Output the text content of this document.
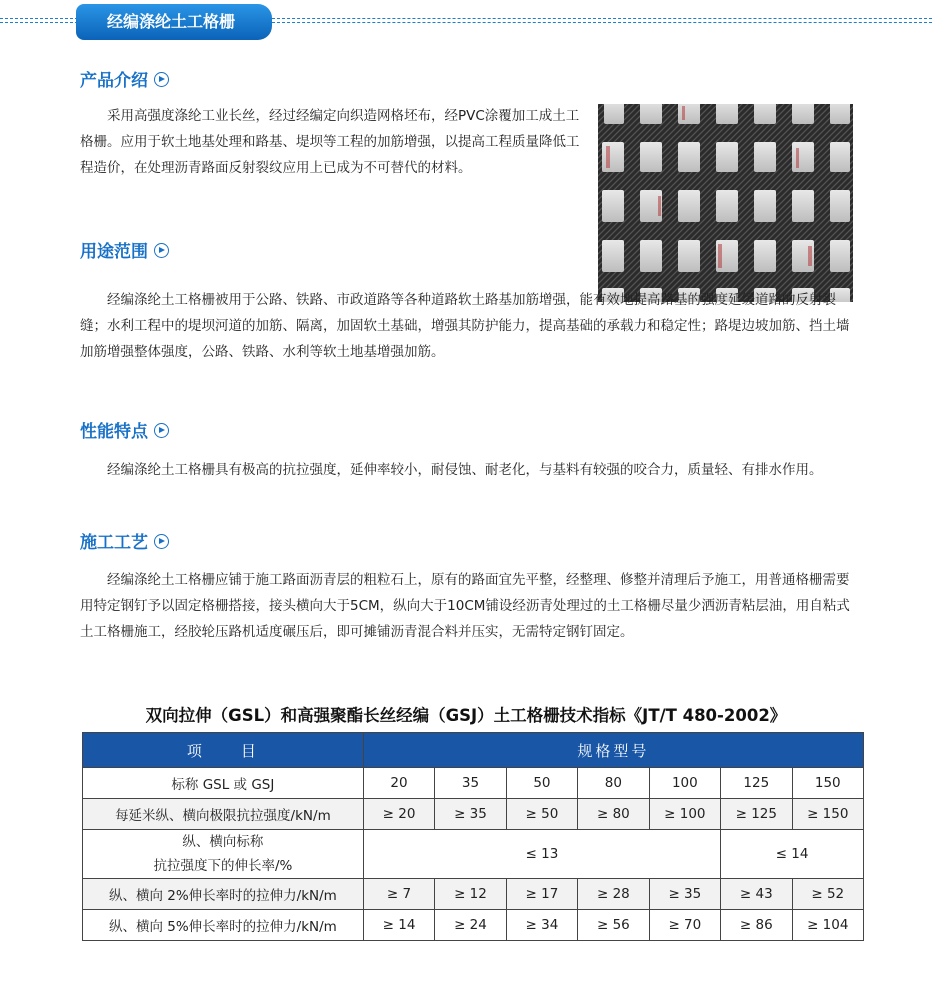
经编涤纶土工格栅
产品介绍
采用高强度涤纶工业长丝，经过经编定向织造网格坯布，经PVC涂覆加工成土工格栅。应用于软土地基处理和路基、堤坝等工程的加筋增强，以提高工程质量降低工程造价，在处理沥青路面反射裂纹应用上已成为不可替代的材料。
用途范围
经编涤纶土工格栅被用于公路、铁路、市政道路等各种道路软土路基加筋增强，能有效地提高路基的强度延缓道路的反射裂缝；水利工程中的堤坝河道的加筋、隔离，加固软土基础，增强其防护能力，提高基础的承载力和稳定性；路堤边坡加筋、挡土墙加筋增强整体强度，公路、铁路、水利等软土地基增强加筋。
性能特点
经编涤纶土工格栅具有极高的抗拉强度，延伸率较小，耐侵蚀、耐老化，与基料有较强的咬合力，质量轻、有排水作用。
施工工艺
经编涤纶土工格栅应铺于施工路面沥青层的粗粒石上，原有的路面宜先平整，经整理、修整并清理后予施工，用普通格栅需要用特定钢钉予以固定格栅搭接，接头横向大于5CM，纵向大于10CM铺设经沥青处理过的土工格栅尽量少洒沥青粘层油，用自粘式土工格栅施工，经胶轮压路机适度碾压后，即可摊铺沥青混合料并压实，无需特定钢钉固定。
双向拉伸（GSL）和高强聚酯长丝经编（GSJ）土工格栅技术指标《JT/T 480-2002》
项　　目	规格型号						
标称 GSL 或 GSJ	20	35	50	80	100	125	150
每延米纵、横向极限抗拉强度/kN/m	≥ 20	≥ 35	≥ 50	≥ 80	≥ 100	≥ 125	≥ 150

纵、横向标称
抗拉强度下的伸长率/%	≤ 13					≤ 14	
纵、横向 2%伸长率时的拉伸力/kN/m	≥ 7	≥ 12	≥ 17	≥ 28	≥ 35	≥ 43	≥ 52
纵、横向 5%伸长率时的拉伸力/kN/m	≥ 14	≥ 24	≥ 34	≥ 56	≥ 70	≥ 86	≥ 104
